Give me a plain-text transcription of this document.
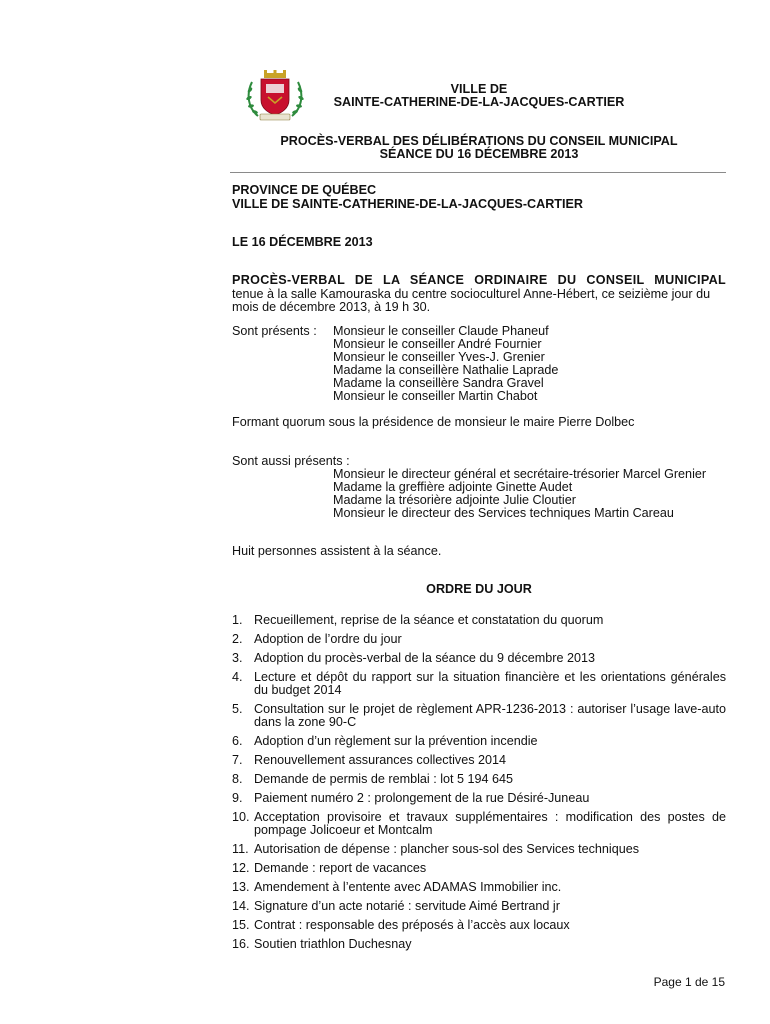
VILLE DE
SAINTE-CATHERINE-DE-LA-JACQUES-CARTIER
PROCÈS-VERBAL DES DÉLIBÉRATIONS DU CONSEIL MUNICIPAL
SÉANCE DU 16 DÉCEMBRE 2013
PROVINCE DE QUÉBEC
VILLE DE SAINTE-CATHERINE-DE-LA-JACQUES-CARTIER
LE 16 DÉCEMBRE 2013
PROCÈS-VERBAL DE LA SÉANCE ORDINAIRE DU CONSEIL MUNICIPAL
tenue à la salle Kamouraska du centre socioculturel Anne-Hébert, ce seizième jour du mois de décembre 2013, à 19 h 30.
Sont présents : Monsieur le conseiller Claude Phaneuf
Monsieur le conseiller André Fournier
Monsieur le conseiller Yves-J. Grenier
Madame la conseillère Nathalie Laprade
Madame la conseillère Sandra Gravel
Monsieur le conseiller Martin Chabot
Formant quorum sous la présidence de monsieur le maire Pierre Dolbec
Sont aussi présents :
Monsieur le directeur général et secrétaire-trésorier Marcel Grenier
Madame la greffière adjointe Ginette Audet
Madame la trésorière adjointe Julie Cloutier
Monsieur le directeur des Services techniques Martin Careau
Huit personnes assistent à la séance.
ORDRE DU JOUR
1. Recueillement, reprise de la séance et constatation du quorum
2. Adoption de l’ordre du jour
3. Adoption du procès-verbal de la séance du 9 décembre 2013
4. Lecture et dépôt du rapport sur la situation financière et les orientations générales du budget 2014
5. Consultation sur le projet de règlement APR-1236-2013 : autoriser l’usage lave-auto dans la zone 90-C
6. Adoption d’un règlement sur la prévention incendie
7. Renouvellement assurances collectives 2014
8. Demande de permis de remblai : lot 5 194 645
9. Paiement numéro 2 : prolongement de la rue Désiré-Juneau
10. Acceptation provisoire et travaux supplémentaires : modification des postes de pompage Jolicoeur et Montcalm
11. Autorisation de dépense : plancher sous-sol des Services techniques
12. Demande : report de vacances
13. Amendement à l’entente avec ADAMAS Immobilier inc.
14. Signature d’un acte notarié : servitude Aimé Bertrand jr
15. Contrat : responsable des préposés à l’accès aux locaux
16. Soutien triathlon Duchesnay
Page 1 de 15
